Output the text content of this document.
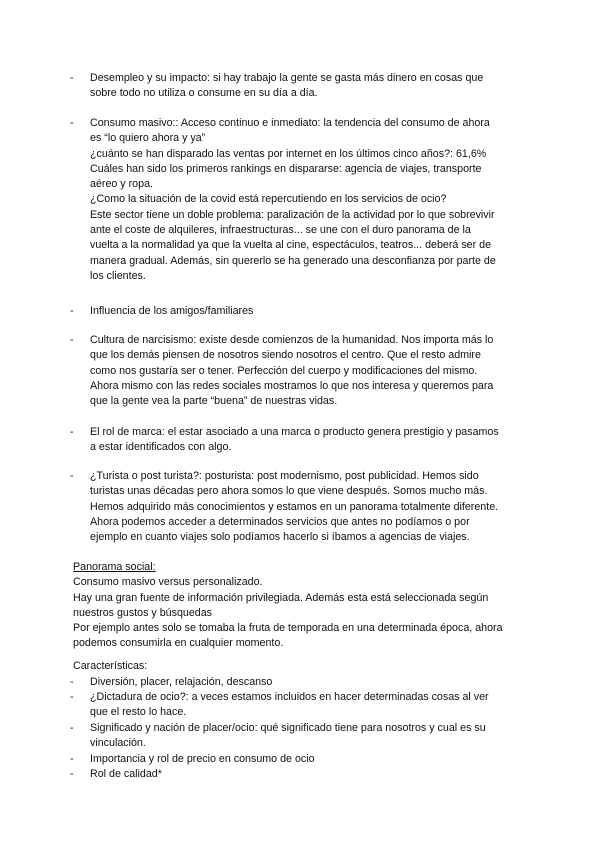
- Desempleo y su impacto: si hay trabajo la gente se gasta más dinero en cosas que
sobre todo no utiliza o consume en su día a día.
- Consumo masivo:: Acceso continuo e inmediato: la tendencia del consumo de ahora
es “lo quiero ahora y ya”
¿cuánto se han disparado las ventas por internet en los últimos cinco años?: 61,6%
Cuáles han sido los primeros rankings en dispararse: agencia de viajes, transporte
aéreo y ropa.
¿Como la situación de la covid está repercutiendo en los servicios de ocio?
Este sector tiene un doble problema: paralización de la actividad por lo que sobrevivir
ante el coste de alquileres, infraestructuras... se une con el duro panorama de la
vuelta a la normalidad ya que la vuelta al cine, espectáculos, teatros... deberá ser de
manera gradual. Además, sin quererlo se ha generado una desconfianza por parte de
los clientes.
- Influencia de los amigos/familiares
- Cultura de narcisismo: existe desde comienzos de la humanidad. Nos importa más lo
que los demás piensen de nosotros siendo nosotros el centro. Que el resto admire
como nos gustaría ser o tener. Perfección del cuerpo y modificaciones del mismo.
Ahora mismo con las redes sociales mostramos lo que nos interesa y queremos para
que la gente vea la parte “buena” de nuestras vidas.
- El rol de marca: el estar asociado a una marca o producto genera prestigio y pasamos
a estar identificados con algo.
- ¿Turista o post turista?: posturista: post modernismo, post publicidad. Hemos sido
turistas unas décadas pero ahora somos lo que viene después. Somos mucho más.
Hemos adquirido más conocimientos y estamos en un panorama totalmente diferente.
Ahora podemos acceder a determinados servicios que antes no podíamos o por
ejemplo en cuanto viajes solo podíamos hacerlo si íbamos a agencias de viajes.
Panorama social:
Consumo masivo versus personalizado.
Hay una gran fuente de información privilegiada. Además esta está seleccionada según
nuestros gustos y búsquedas
Por ejemplo antes solo se tomaba la fruta de temporada en una determinada época, ahora
podemos consumirla en cualquier momento.
Características:
- Diversión, placer, relajación, descanso
- ¿Dictadura de ocio?: a veces estamos incluidos en hacer determinadas cosas al ver
que el resto lo hace.
- Significado y nación de placer/ocio: qué significado tiene para nosotros y cual es su
vinculación.
- Importancia y rol de precio en consumo de ocio
- Rol de calidad*
